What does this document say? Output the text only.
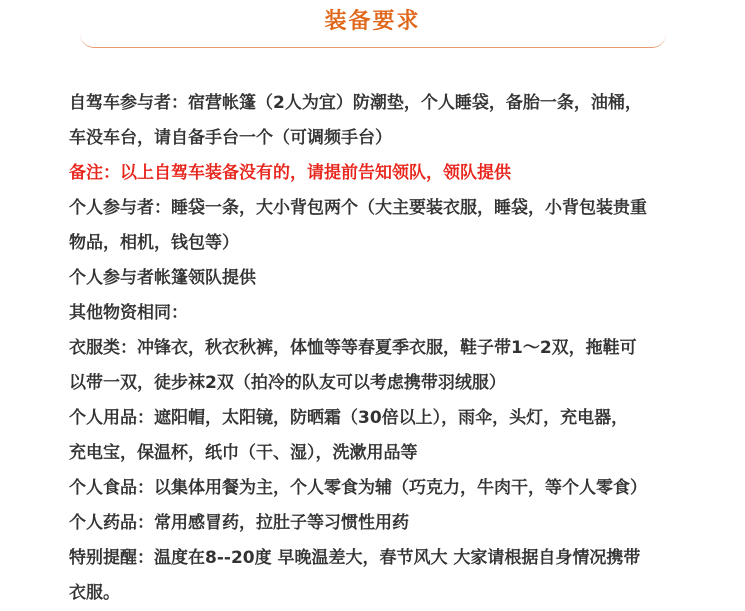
装备要求
自驾车参与者：宿营帐篷（2人为宜）防潮垫，个人睡袋，备胎一条，油桶，
车没车台，请自备手台一个（可调频手台）
备注：以上自驾车装备没有的，请提前告知领队，领队提供
个人参与者：睡袋一条，大小背包两个（大主要装衣服，睡袋，小背包装贵重
物品，相机，钱包等）
个人参与者帐篷领队提供
其他物资相同：
衣服类：冲锋衣，秋衣秋裤，体恤等等春夏季衣服，鞋子带1～2双，拖鞋可
以带一双，徒步袜2双（拍冷的队友可以考虑携带羽绒服）
个人用品：遮阳帽，太阳镜，防晒霜（30倍以上），雨伞，头灯，充电器，
充电宝，保温杯，纸巾（干、湿），洗漱用品等
个人食品：以集体用餐为主，个人零食为辅（巧克力，牛肉干，等个人零食）
个人药品：常用感冒药，拉肚子等习惯性用药
特别提醒：温度在8--20度 早晚温差大，春节风大 大家请根据自身情况携带
衣服。
